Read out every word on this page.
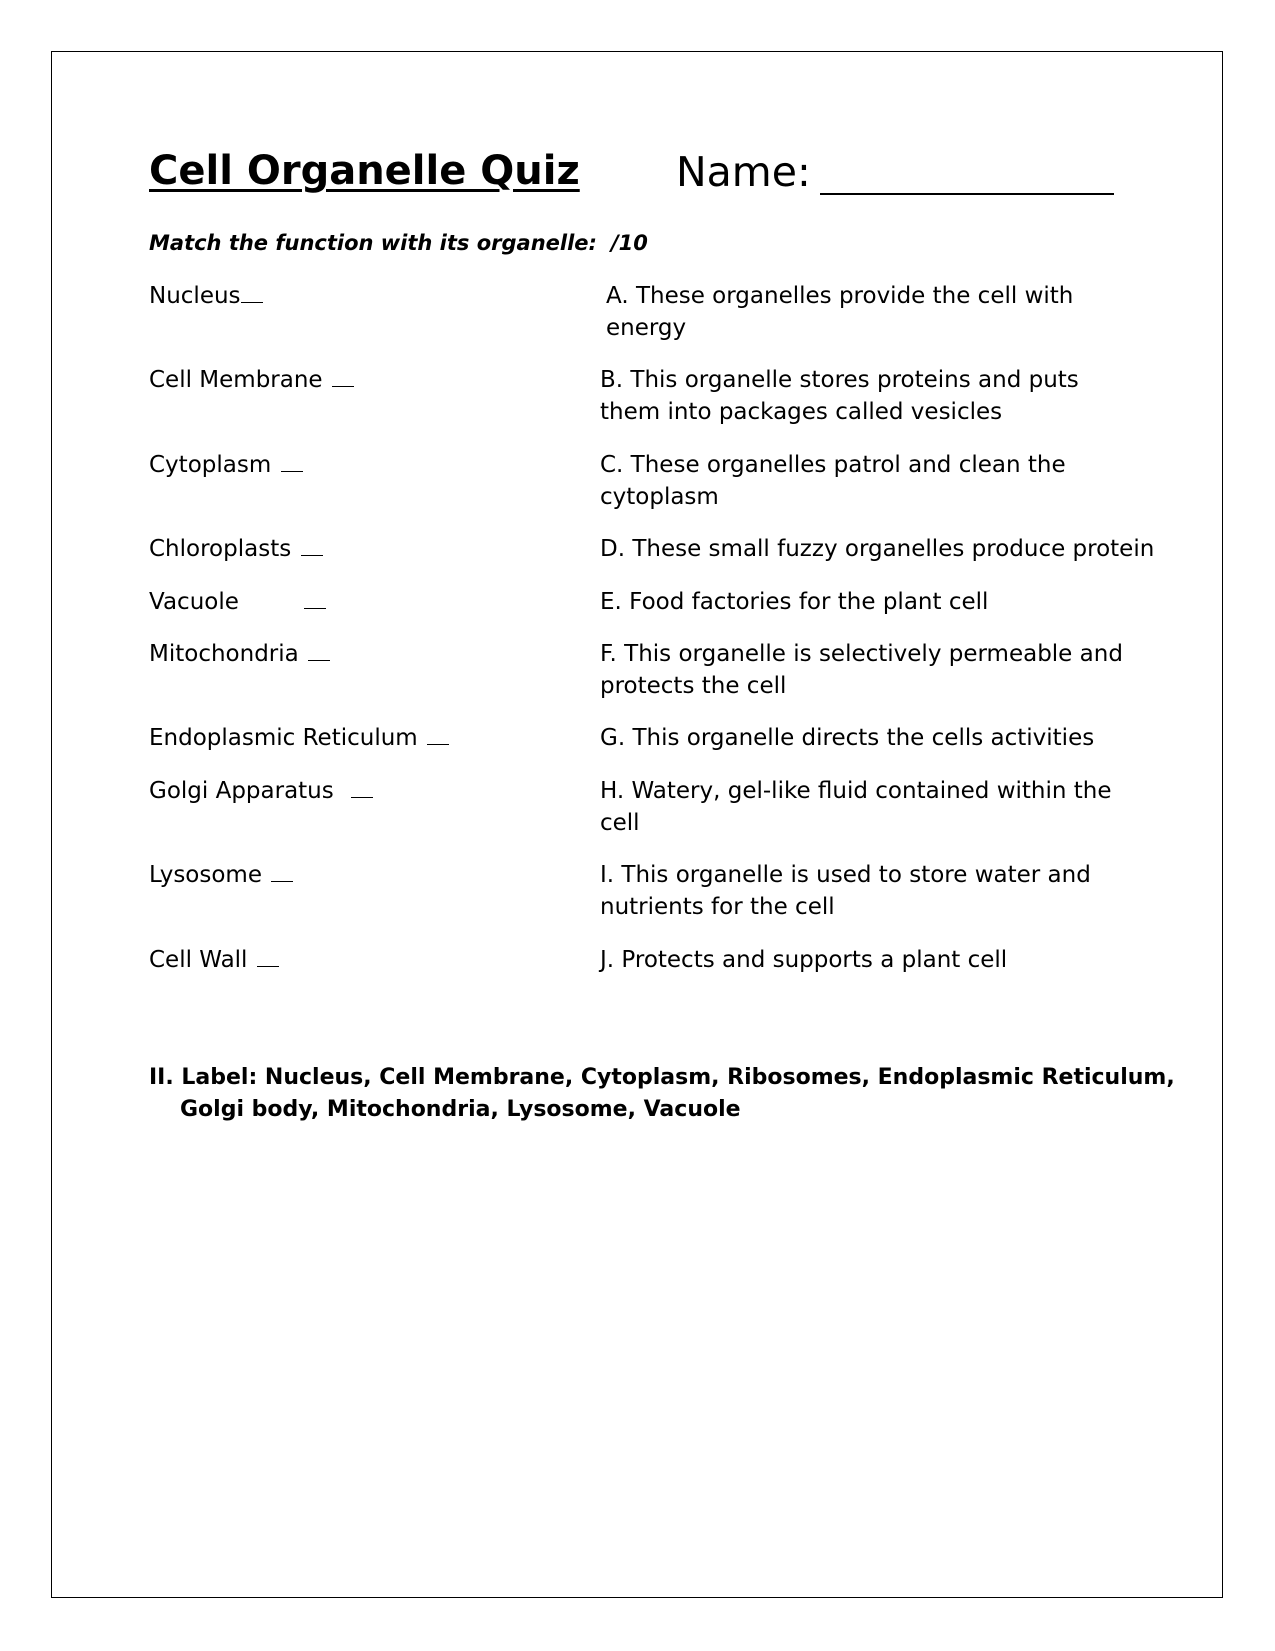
Cell Organelle Quiz Name:
Match the function with its organelle: /10
Nucleus
Cell Membrane
Cytoplasm
Chloroplasts
Vacuole
Mitochondria
Endoplasmic Reticulum
Golgi Apparatus
Lysosome
Cell Wall
A. These organelles provide the cell with energy
B. This organelle stores proteins and puts them into packages called vesicles
C. These organelles patrol and clean the cytoplasm
D. These small fuzzy organelles produce protein
E. Food factories for the plant cell
F. This organelle is selectively permeable and protects the cell
G. This organelle directs the cells activities
H. Watery, gel-like fluid contained within the cell
I. This organelle is used to store water and nutrients for the cell
J. Protects and supports a plant cell
II. Label: Nucleus, Cell Membrane, Cytoplasm, Ribosomes, Endoplasmic Reticulum,
Golgi body, Mitochondria, Lysosome, Vacuole
